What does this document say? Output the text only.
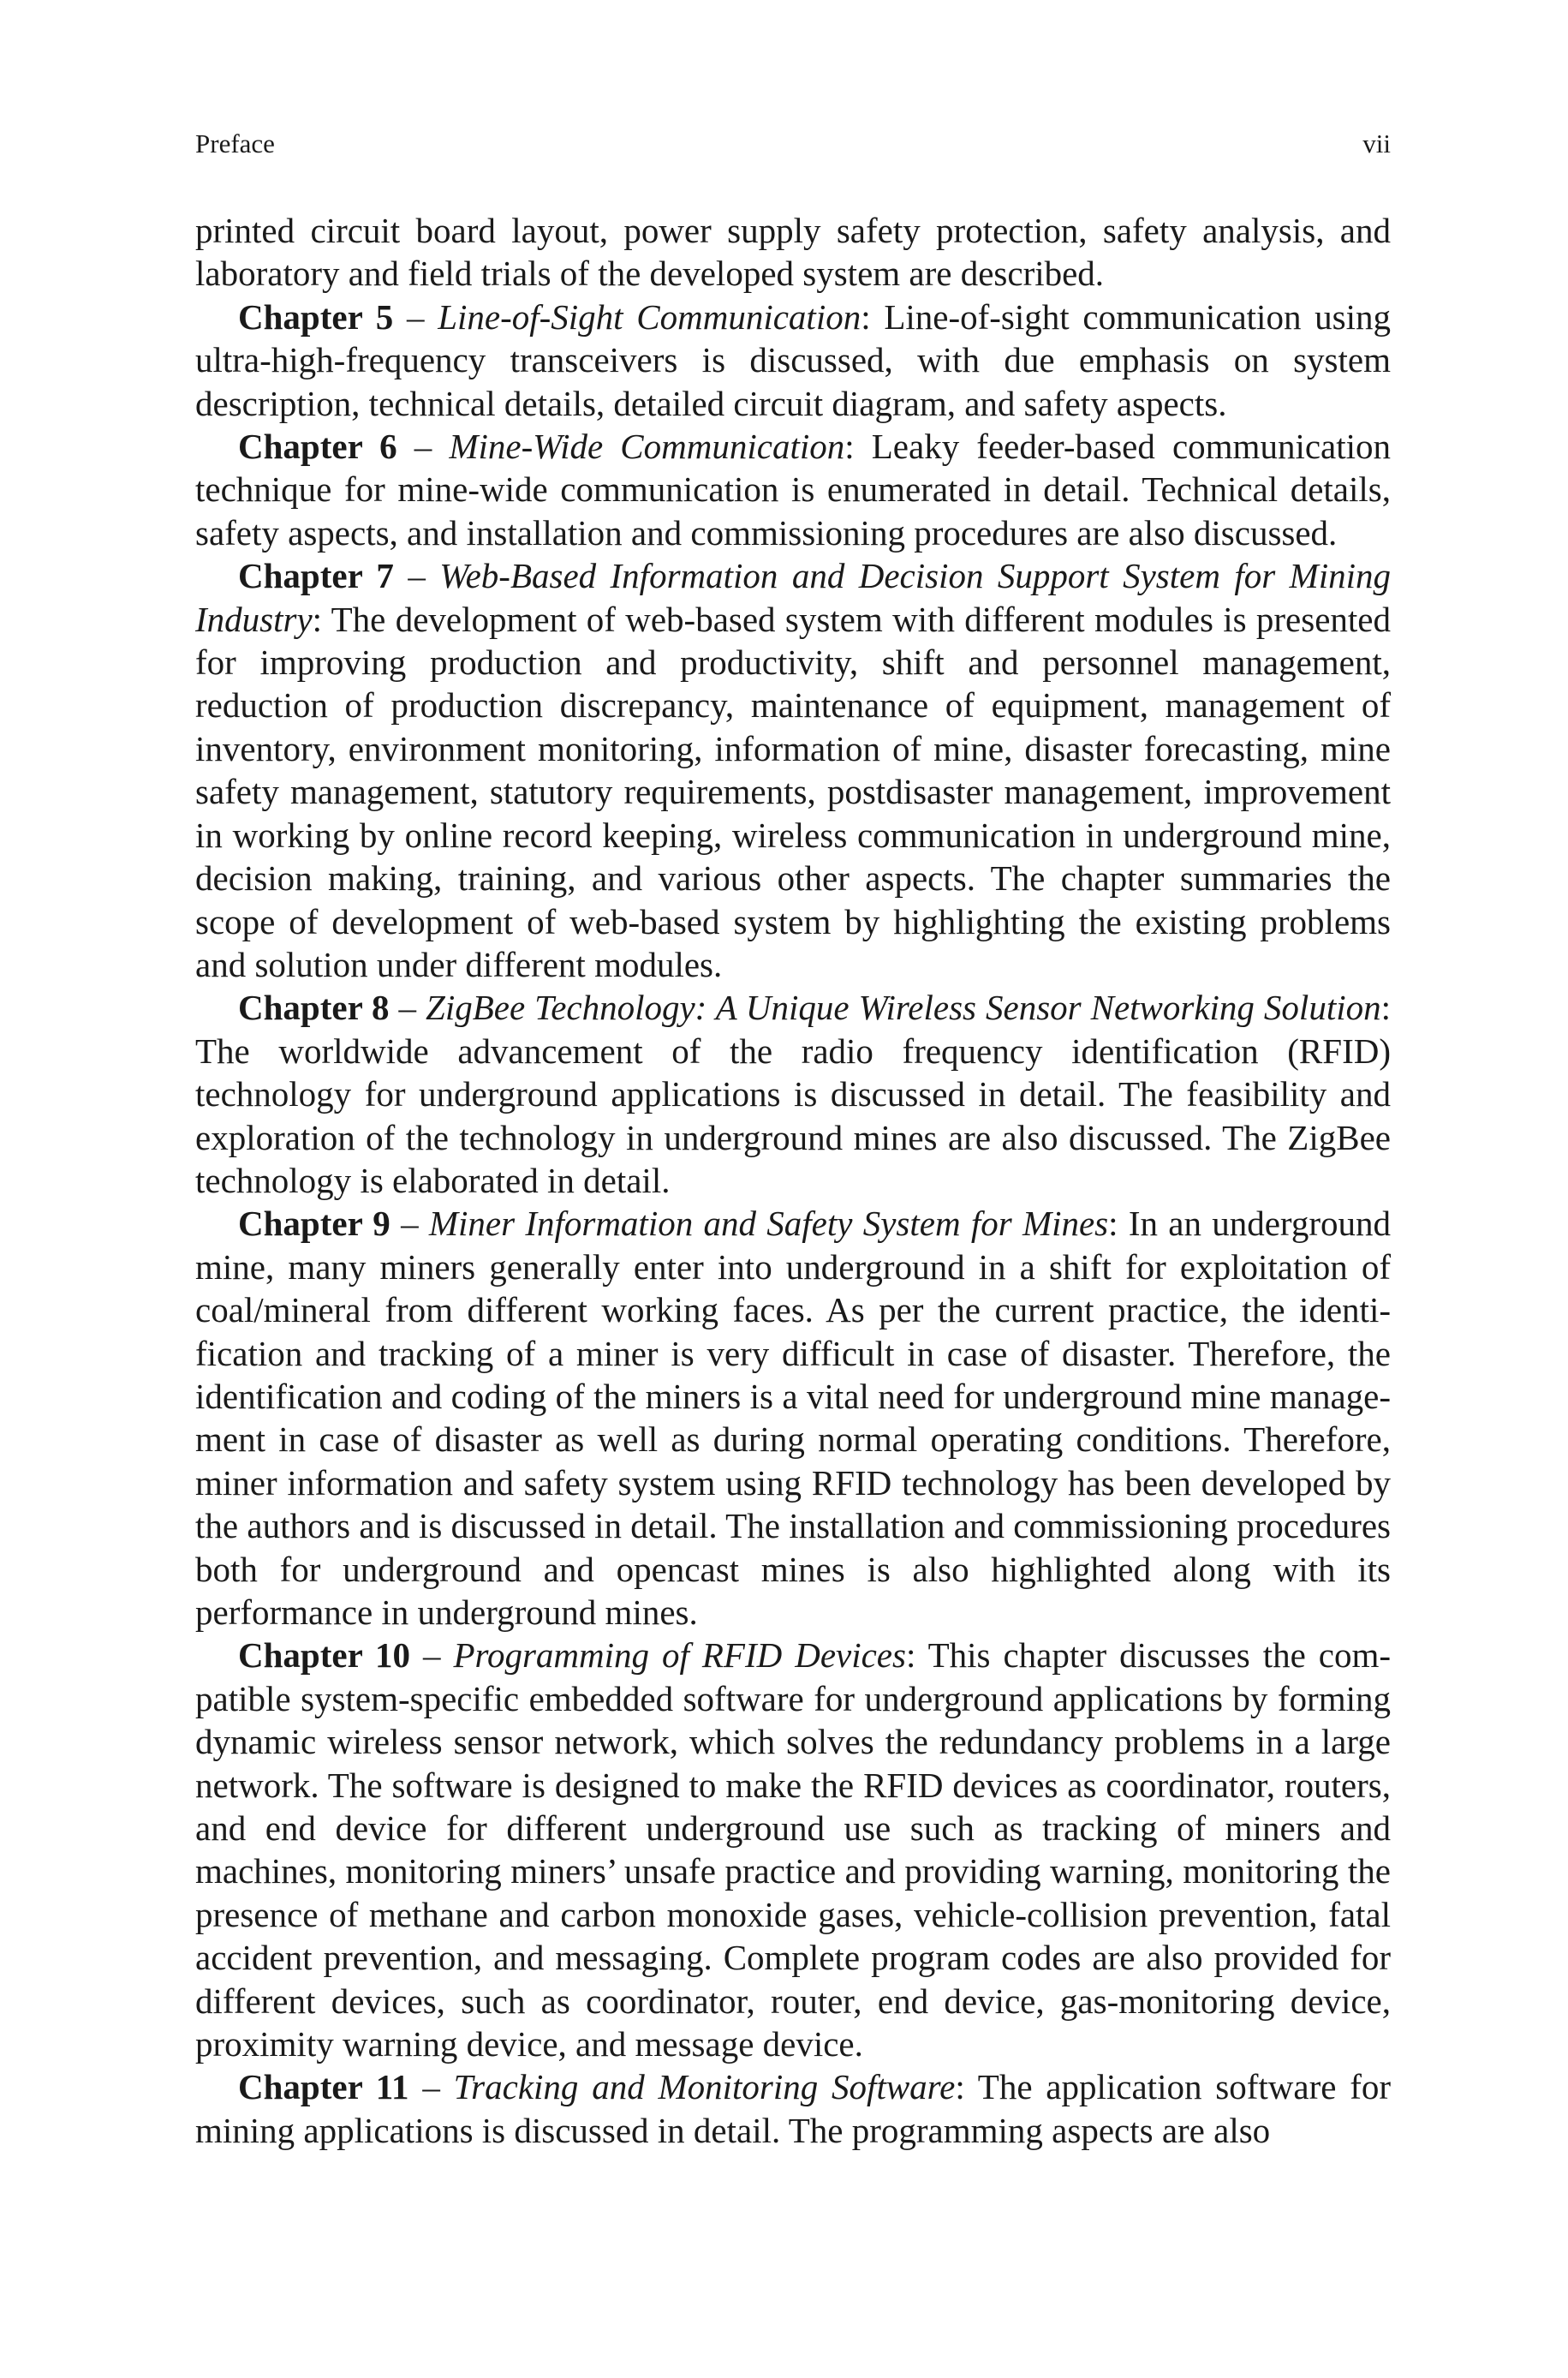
Preface	vii

printed circuit board layout, power supply safety protection, safety analysis, and laboratory and field trials of the developed system are described.

Chapter 5 – Line-of-Sight Communication: Line-of-sight communication using ultra-high-frequency transceivers is discussed, with due emphasis on system description, technical details, detailed circuit diagram, and safety aspects.

Chapter 6 – Mine-Wide Communication: Leaky feeder-based communication technique for mine-wide communication is enumerated in detail. Technical details, safety aspects, and installation and commissioning procedures are also discussed.

Chapter 7 – Web-Based Information and Decision Support System for Mining Industry: The development of web-based system with different modules is presented for improving production and productivity, shift and personnel management, reduction of production discrepancy, maintenance of equipment, management of inventory, environment monitoring, information of mine, disaster forecasting, mine safety management, statutory requirements, postdisaster management, improvement in working by online record keeping, wireless communication in underground mine, decision making, training, and various other aspects. The chapter summaries the scope of development of web-based system by highlighting the existing problems and solution under different modules.

Chapter 8 – ZigBee Technology: A Unique Wireless Sensor Networking Solution: The worldwide advancement of the radio frequency identification (RFID) technology for underground applications is discussed in detail. The feasibility and exploration of the technology in underground mines are also discussed. The ZigBee technology is elaborated in detail.

Chapter 9 – Miner Information and Safety System for Mines: In an underground mine, many miners generally enter into underground in a shift for exploitation of coal/mineral from different working faces. As per the current practice, the identification and tracking of a miner is very difficult in case of disaster. Therefore, the identification and coding of the miners is a vital need for underground mine management in case of disaster as well as during normal operating conditions. Therefore, miner information and safety system using RFID technology has been developed by the authors and is discussed in detail. The installation and commissioning procedures both for underground and opencast mines is also highlighted along with its performance in underground mines.

Chapter 10 – Programming of RFID Devices: This chapter discusses the compatible system-specific embedded software for underground applications by forming dynamic wireless sensor network, which solves the redundancy problems in a large network. The software is designed to make the RFID devices as coordinator, routers, and end device for different underground use such as tracking of miners and machines, monitoring miners’ unsafe practice and providing warning, monitoring the presence of methane and carbon monoxide gases, vehicle-collision prevention, fatal accident prevention, and messaging. Complete program codes are also provided for different devices, such as coordinator, router, end device, gas-monitoring device, proximity warning device, and message device.

Chapter 11 – Tracking and Monitoring Software: The application software for mining applications is discussed in detail. The programming aspects are also
